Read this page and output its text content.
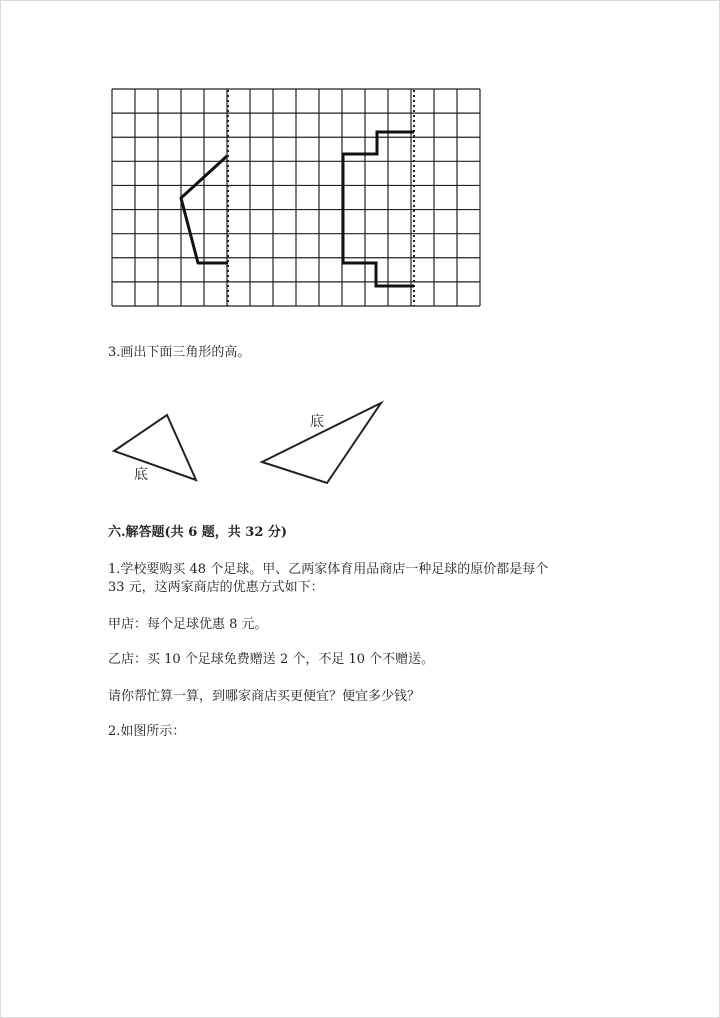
3.画出下面三角形的高。
底
底
六.解答题(共 6 题，共 32 分)
1.学校要购买 48 个足球。甲、乙两家体育用品商店一种足球的原价都是每个
33 元，这两家商店的优惠方式如下：
甲店：每个足球优惠 8 元。
乙店：买 10 个足球免费赠送 2 个，不足 10 个不赠送。
请你帮忙算一算，到哪家商店买更便宜？便宜多少钱？
2.如图所示：
